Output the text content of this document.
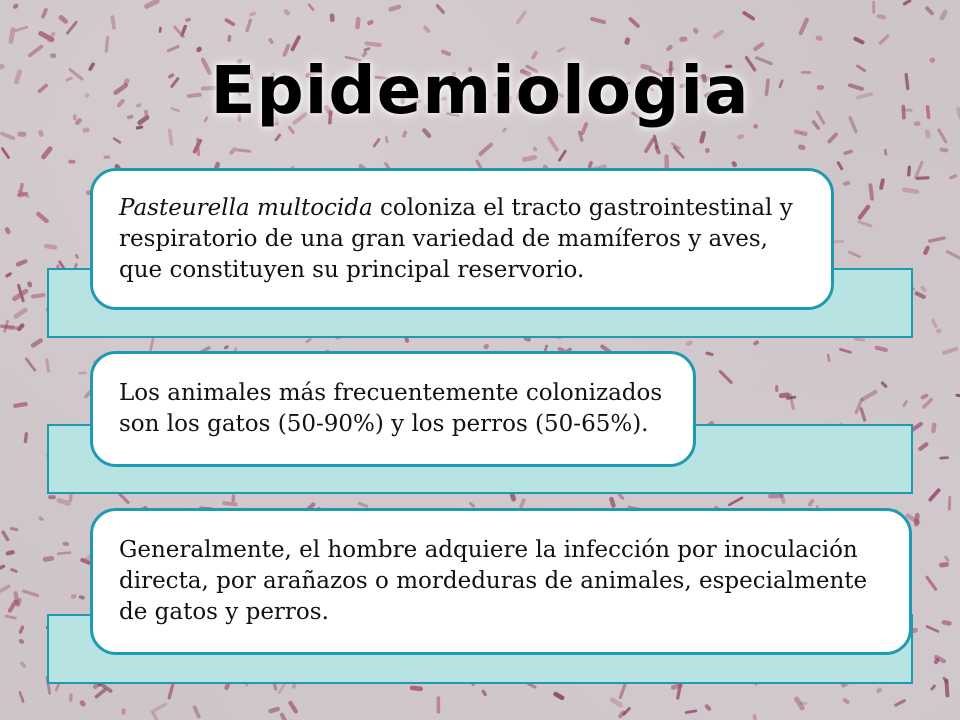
Epidemiologia

Pasteurella multocida coloniza el tracto gastrointestinal y respiratorio de una gran variedad de mamíferos y aves, que constituyen su principal reservorio.

Los animales más frecuentemente colonizados son los gatos (50-90%) y los perros (50-65%).

Generalmente, el hombre adquiere la infección por inoculación directa, por arañazos o mordeduras de animales, especialmente de gatos y perros.
